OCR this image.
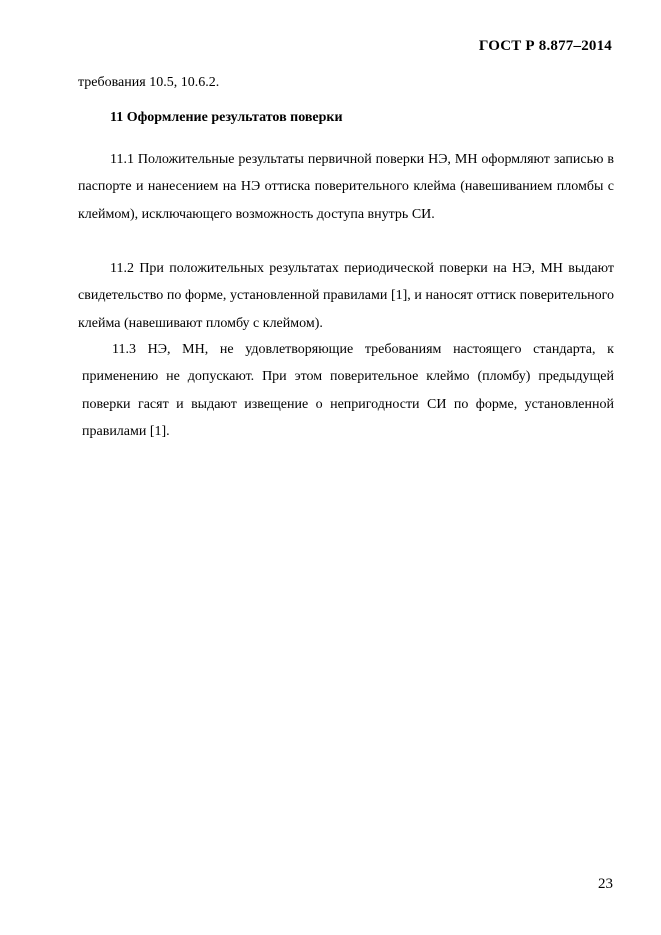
ГОСТ Р 8.877–2014
требования 10.5, 10.6.2.
11 Оформление результатов поверки

11.1 Положительные результаты первичной поверки НЭ, МН оформляют записью в паспорте и нанесением на НЭ оттиска поверительного клейма (навешиванием пломбы с клеймом), исключающего возможность доступа внутрь СИ.

11.2 При положительных результатах периодической поверки на НЭ, МН выдают свидетельство по форме, установленной правилами [1], и наносят оттиск поверительного клейма (навешивают пломбу с клеймом).

11.3 НЭ, МН, не удовлетворяющие требованиям настоящего стандарта, к применению не допускают. При этом поверительное клеймо (пломбу) предыдущей поверки гасят и выдают извещение о непригодности СИ по форме, установленной правилами [1].

23
